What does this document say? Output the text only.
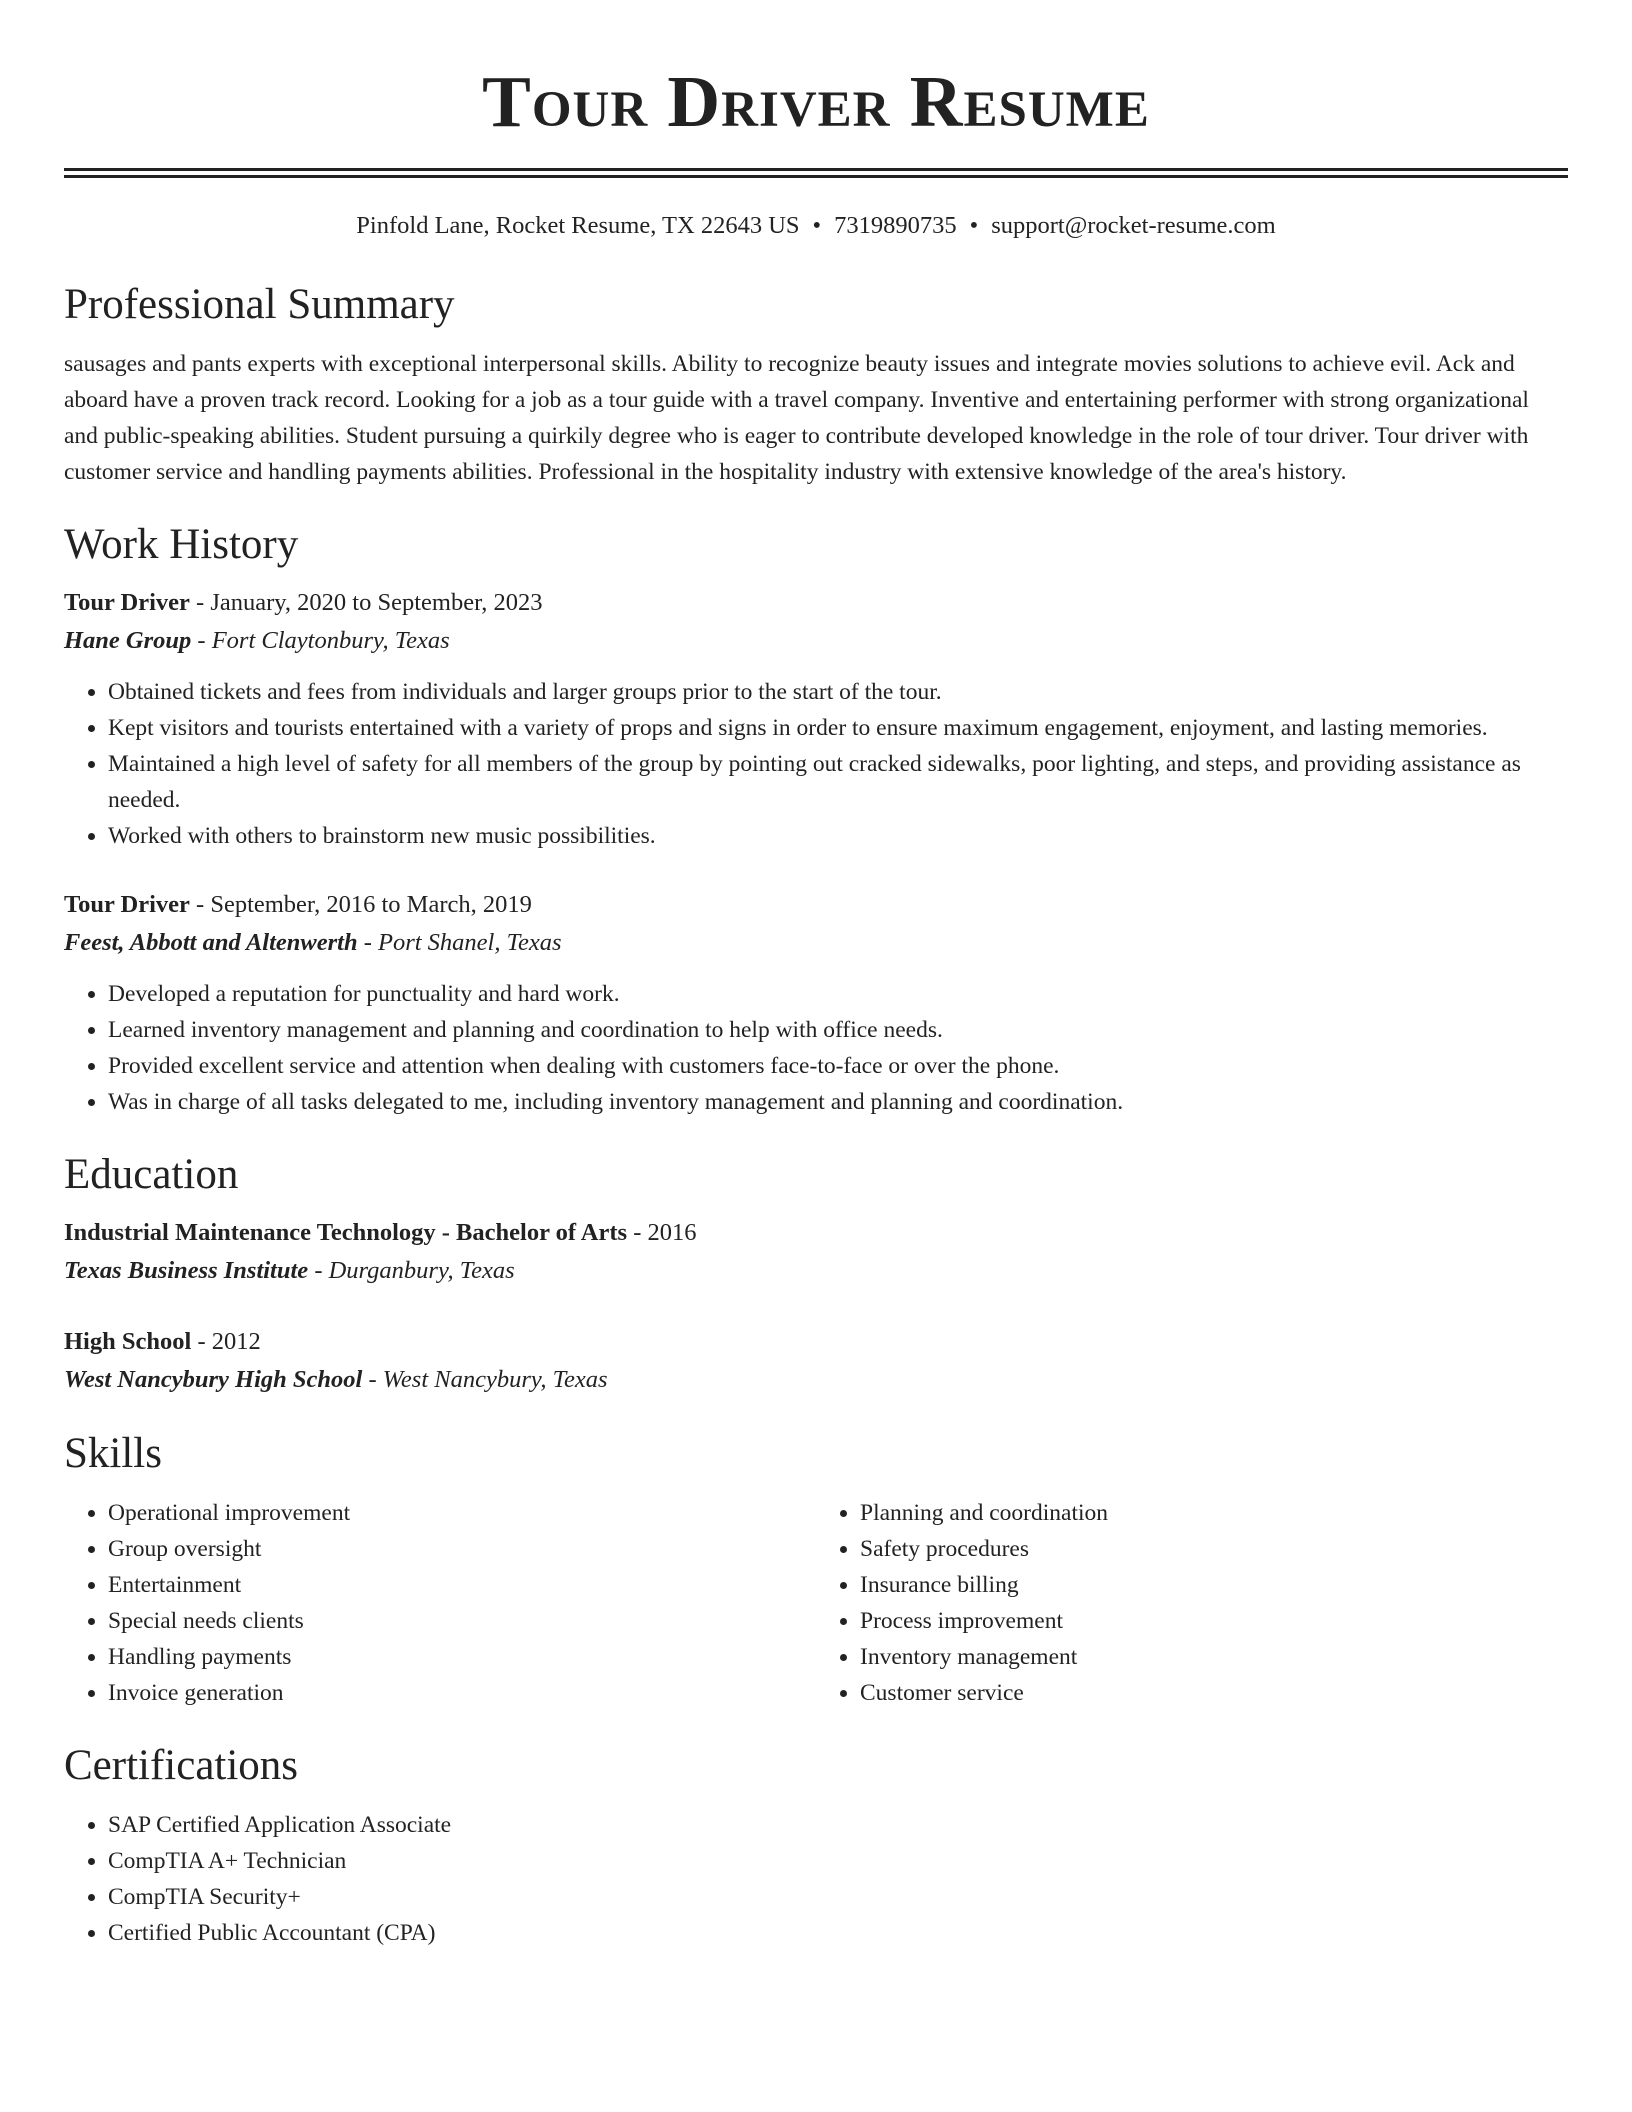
Tour Driver Resume
Pinfold Lane, Rocket Resume, TX 22643 US • 7319890735 • support@rocket-resume.com
Professional Summary

sausages and pants experts with exceptional interpersonal skills. Ability to recognize beauty issues and integrate movies solutions to achieve evil. Ack and aboard have a proven track record. Looking for a job as a tour guide with a travel company. Inventive and entertaining performer with strong organizational and public-speaking abilities. Student pursuing a quirkily degree who is eager to contribute developed knowledge in the role of tour driver. Tour driver with customer service and handling payments abilities. Professional in the hospitality industry with extensive knowledge of the area's history.

Work History
Tour Driver - January, 2020 to September, 2023
Hane Group - Fort Claytonbury, Texas
• Obtained tickets and fees from individuals and larger groups prior to the start of the tour.
• Kept visitors and tourists entertained with a variety of props and signs in order to ensure maximum engagement, enjoyment, and lasting memories.
• Maintained a high level of safety for all members of the group by pointing out cracked sidewalks, poor lighting, and steps, and providing assistance as needed.
• Worked with others to brainstorm new music possibilities.
Tour Driver - September, 2016 to March, 2019
Feest, Abbott and Altenwerth - Port Shanel, Texas
• Developed a reputation for punctuality and hard work.
• Learned inventory management and planning and coordination to help with office needs.
• Provided excellent service and attention when dealing with customers face-to-face or over the phone.
• Was in charge of all tasks delegated to me, including inventory management and planning and coordination.
Education
Industrial Maintenance Technology - Bachelor of Arts - 2016
Texas Business Institute - Durganbury, Texas
High School - 2012
West Nancybury High School - West Nancybury, Texas
Skills
• Operational improvement
• Group oversight
• Entertainment
• Special needs clients
• Handling payments
• Invoice generation
• Planning and coordination
• Safety procedures
• Insurance billing
• Process improvement
• Inventory management
• Customer service
Certifications
• SAP Certified Application Associate
• CompTIA A+ Technician
• CompTIA Security+
• Certified Public Accountant (CPA)
